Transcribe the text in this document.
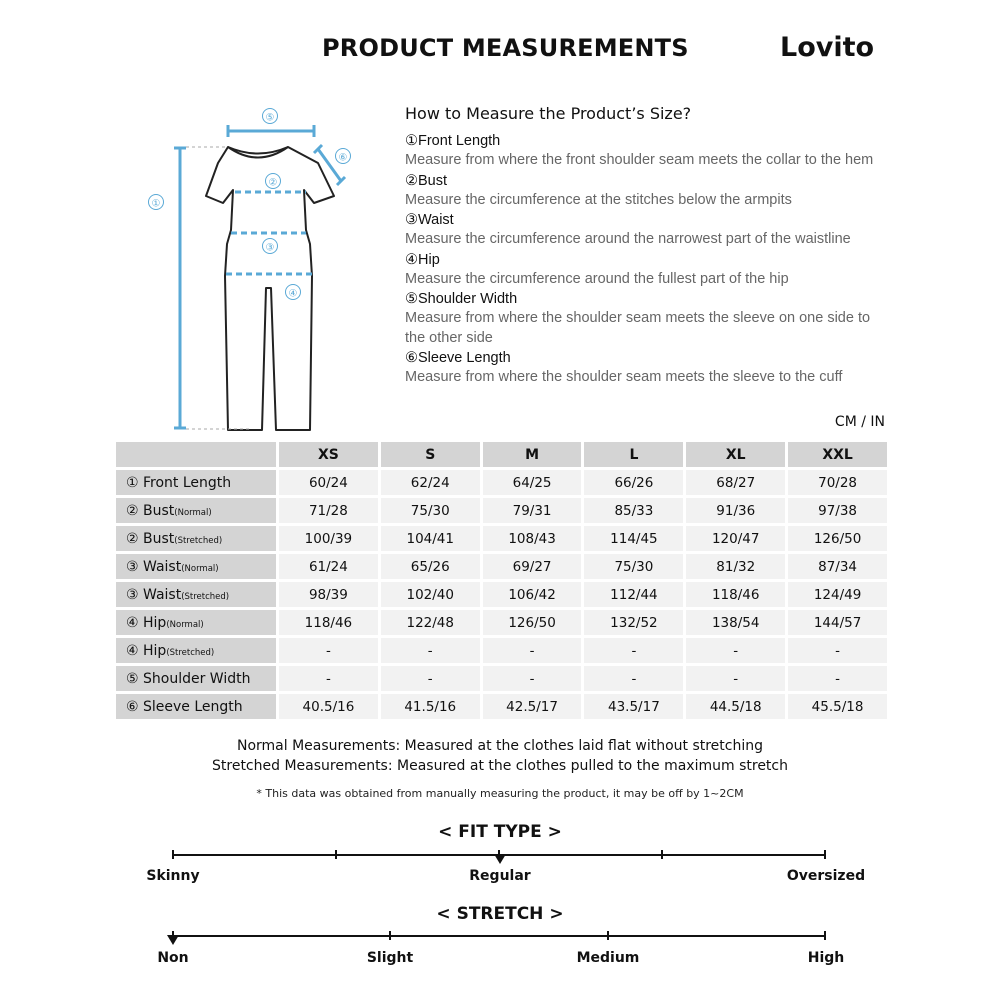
PRODUCT MEASUREMENTS	Lovito
⑤
⑥
①
②
③
④
How to Measure the Product’s Size?
①Front Length
Measure from where the front shoulder seam meets the collar to the hem
②Bust
Measure the circumference at the stitches below the armpits
③Waist
Measure the circumference around the narrowest part of the waistline
④Hip
Measure the circumference around the fullest part of the hip
⑤Shoulder Width
Measure from where the shoulder seam meets the sleeve on one side to the other side
⑥Sleeve Length
Measure from where the shoulder seam meets the sleeve to the cuff
CM / IN
	XS	S	M	L	XL	XXL
① Front Length	60/24	62/24	64/25	66/26	68/27	70/28
② Bust(Normal)	71/28	75/30	79/31	85/33	91/36	97/38
② Bust(Stretched)	100/39	104/41	108/43	114/45	120/47	126/50
③ Waist(Normal)	61/24	65/26	69/27	75/30	81/32	87/34
③ Waist(Stretched)	98/39	102/40	106/42	112/44	118/46	124/49
④ Hip(Normal)	118/46	122/48	126/50	132/52	138/54	144/57
④ Hip(Stretched)	-	-	-	-	-	-
⑤ Shoulder Width	-	-	-	-	-	-
⑥ Sleeve Length	40.5/16	41.5/16	42.5/17	43.5/17	44.5/18	45.5/18
Normal Measurements: Measured at the clothes laid flat without stretching
Stretched Measurements: Measured at the clothes pulled to the maximum stretch
* This data was obtained from manually measuring the product, it may be off by 1~2CM
< FIT TYPE >
Skinny	Regular	Oversized
< STRETCH >
Non	Slight	Medium	High
